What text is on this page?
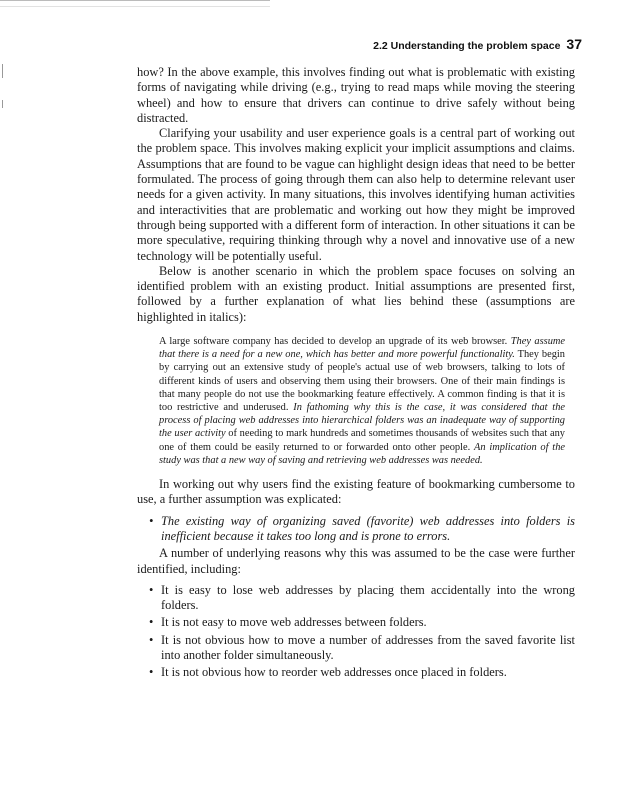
2.2 Understanding the problem space 37

how? In the above example, this involves finding out what is problematic with existing forms of navigating while driving (e.g., trying to read maps while moving the steering wheel) and how to ensure that drivers can continue to drive safely without being distracted.

Clarifying your usability and user experience goals is a central part of working out the problem space. This involves making explicit your implicit assumptions and claims. Assumptions that are found to be vague can highlight design ideas that need to be better formulated. The process of going through them can also help to determine relevant user needs for a given activity. In many situations, this involves identifying human activities and interactivities that are problematic and working out how they might be improved through being supported with a different form of interaction. In other situations it can be more speculative, requiring thinking through why a novel and innovative use of a new technology will be potentially useful.

Below is another scenario in which the problem space focuses on solving an identified problem with an existing product. Initial assumptions are presented first, followed by a further explanation of what lies behind these (assumptions are highlighted in italics):

A large software company has decided to develop an upgrade of its web browser. They assume that there is a need for a new one, which has better and more powerful functionality. They begin by carrying out an extensive study of people's actual use of web browsers, talking to lots of different kinds of users and observing them using their browsers. One of their main findings is that many people do not use the bookmarking feature effectively. A common finding is that it is too restrictive and underused. In fathoming why this is the case, it was considered that the process of placing web addresses into hierarchical folders was an inadequate way of supporting the user activity of needing to mark hundreds and sometimes thousands of websites such that any one of them could be easily returned to or forwarded onto other people. An implication of the study was that a new way of saving and retrieving web addresses was needed.

In working out why users find the existing feature of bookmarking cumbersome to use, a further assumption was explicated:

• The existing way of organizing saved (favorite) web addresses into folders is inefficient because it takes too long and is prone to errors.

A number of underlying reasons why this was assumed to be the case were further identified, including:

• It is easy to lose web addresses by placing them accidentally into the wrong folders.
• It is not easy to move web addresses between folders.
• It is not obvious how to move a number of addresses from the saved favorite list into another folder simultaneously.
• It is not obvious how to reorder web addresses once placed in folders.
